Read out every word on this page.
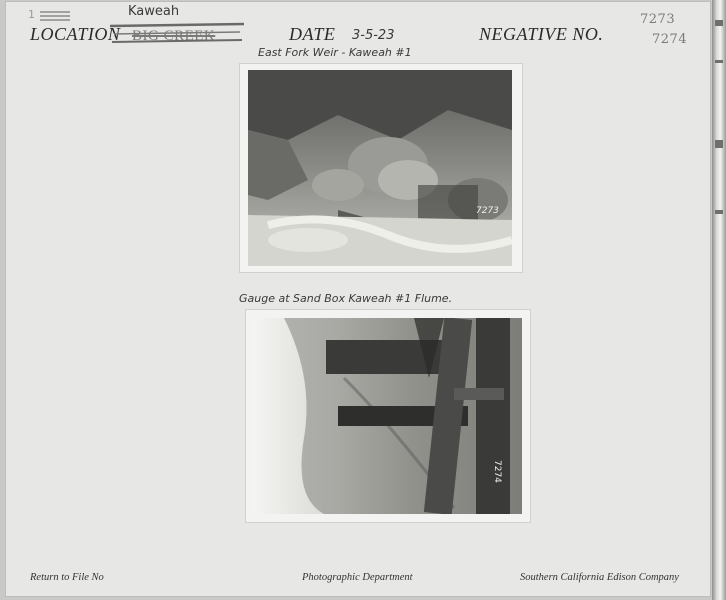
1
LOCATION
Kaweah
BIG CREEK	DATE 3-5-23	NEGATIVE NO.
7273
7274
East Fork Weir - Kaweah #1
7273
Gauge at Sand Box Kaweah #1 Flume.
7274
Return to File No	Photographic Department	Southern California Edison Company
